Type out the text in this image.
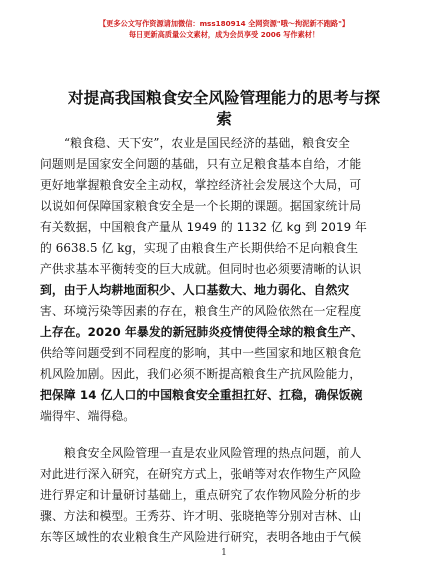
【更多公文写作资源请加微信：mss180914 全网资源"哦～拘泥新不跑路"】
每日更新高质量公文素材，成为会员享受 2006 写作素材！
对提高我国粮食安全风险管理能力的思考与探
索
“粮食稳、天下安”，农业是国民经济的基础，粮食安全
问题则是国家安全问题的基础，只有立足粮食基本自给，才能
更好地掌握粮食安全主动权，掌控经济社会发展这个大局，可
以说如何保障国家粮食安全是一个长期的课题。据国家统计局
有关数据，中国粮食产量从 1949 的 1132 亿 kg 到 2019 年
的 6638.5 亿 kg，实现了由粮食生产长期供给不足向粮食生
产供求基本平衡转变的巨大成就。但同时也必须要清晰的认识
到，由于人均耕地面积少、人口基数大、地力弱化、自然灾
害、环境污染等因素的存在，粮食生产的风险依然在一定程度
上存在。2020 年暴发的新冠肺炎疫情使得全球的粮食生产、
供给等问题受到不同程度的影响，其中一些国家和地区粮食危
机风险加剧。因此，我们必须不断提高粮食生产抗风险能力，
把保障 14 亿人口的中国粮食安全重担扛好、扛稳，确保饭碗
端得牢、端得稳。
粮食安全风险管理一直是农业风险管理的热点问题，前人
对此进行深入研究，在研究方式上，张峭等对农作物生产风险
进行界定和计量研讨基础上，重点研究了农作物风险分析的步
骤、方法和模型。王秀芬、许才明、张晓艳等分别对吉林、山
东等区域性的农业粮食生产风险进行研究，表明各地由于气候
1
